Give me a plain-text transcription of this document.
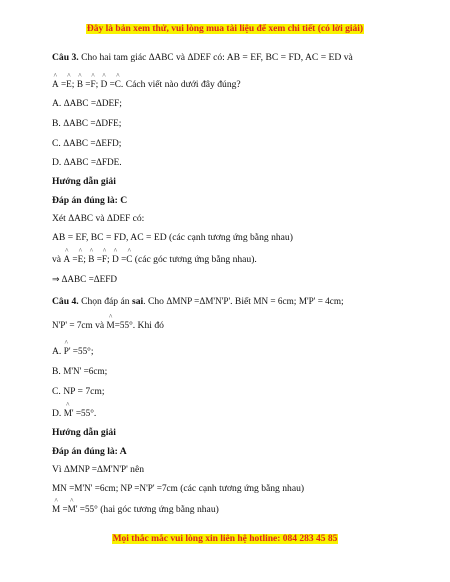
Đây là bản xem thử, vui lòng mua tài liệu để xem chi tiết (có lời giải)
Câu 3. Cho hai tam giác ΔABC và ΔDEF có: AB = EF, BC = FD, AC = ED và
^ A =^ E; ^ B =^ F; ^ D =^ C. Cách viết nào dưới đây đúng?
A. ΔABC =ΔDEF;
B. ΔABC =ΔDFE;
C. ΔABC =ΔEFD;
D. ΔABC =ΔFDE.
Hướng dẫn giải
Đáp án đúng là: C
Xét ΔABC và ΔDEF có:
AB = EF, BC = FD, AC = ED (các cạnh tương ứng bằng nhau)
và ^ A =^ E; ^ B =^ F; ^ D =^ C (các góc tương ứng bằng nhau).
⇒ ΔABC =ΔEFD
Câu 4. Chọn đáp án sai. Cho ΔMNP =ΔM'N'P'. Biết MN = 6cm; M'P' = 4cm;
N'P' = 7cm và ^ M=55°. Khi đó
A. ^ P' =55°;
B. M'N' =6cm;
C. NP = 7cm;
D. ^ M' =55°.
Hướng dẫn giải
Đáp án đúng là: A
Vì ΔMNP =ΔM'N'P' nên
MN =M'N' =6cm; NP =N'P' =7cm (các cạnh tương ứng bằng nhau)
^ M =^ M' =55° (hai góc tương ứng bằng nhau)
Mọi thắc mắc vui lòng xin liên hệ hotline: 084 283 45 85
